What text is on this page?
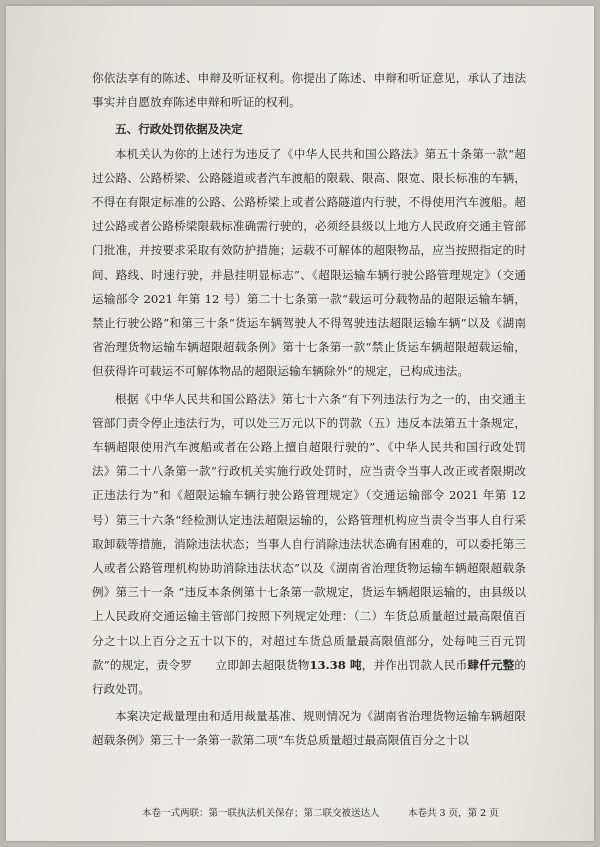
你依法享有的陈述、申辩及听证权利。你提出了陈述、申辩和听证意见，承认了违法事实并自愿放弃陈述申辩和听证的权利。

五、行政处罚依据及决定

本机关认为你的上述行为违反了《中华人民共和国公路法》第五十条第一款“超过公路、公路桥梁、公路隧道或者汽车渡船的限载、限高、限宽、限长标准的车辆，不得在有限定标准的公路、公路桥梁上或者公路隧道内行驶，不得使用汽车渡船。超过公路或者公路桥梁限载标准确需行驶的，必须经县级以上地方人民政府交通主管部门批准，并按要求采取有效防护措施；运载不可解体的超限物品，应当按照指定的时间、路线、时速行驶，并悬挂明显标志”、《超限运输车辆行驶公路管理规定》（交通运输部令 2021 年第 12 号）第二十七条第一款“载运可分载物品的超限运输车辆，禁止行驶公路”和第三十条“货运车辆驾驶人不得驾驶违法超限运输车辆”以及《湖南省治理货物运输车辆超限超载条例》第十七条第一款“禁止货运车辆超限超载运输，但获得许可载运不可解体物品的超限运输车辆除外”的规定，已构成违法。

根据《中华人民共和国公路法》第七十六条“有下列违法行为之一的，由交通主管部门责令停止违法行为，可以处三万元以下的罚款（五）违反本法第五十条规定，车辆超限使用汽车渡船或者在公路上擅自超限行驶的”、《中华人民共和国行政处罚法》第二十八条第一款“行政机关实施行政处罚时，应当责令当事人改正或者限期改正违法行为”和《超限运输车辆行驶公路管理规定》（交通运输部令 2021 年第 12 号）第三十六条“经检测认定违法超限运输的，公路管理机构应当责令当事人自行采取卸载等措施，消除违法状态；当事人自行消除违法状态确有困难的，可以委托第三人或者公路管理机构协助消除违法状态”以及《湖南省治理货物运输车辆超限超载条例》第三十一条 “违反本条例第十七条第一款规定，货运车辆超限运输的，由县级以上人民政府交通运输主管部门按照下列规定处理：（二）车货总质量超过最高限值百分之十以上百分之五十以下的，对超过车货总质量最高限值部分，处每吨三百元罚款”的规定，责令罗　　 立即卸去超限货物13.38 吨，并作出罚款人民币肆仟元整的行政处罚。

本案决定裁量理由和适用裁量基准、规则情况为《湖南省治理货物运输车辆超限超载条例》第三十一条第一款第二项“车货总质量超过最高限值百分之十以

本卷一式两联：第一联执法机关保存；第二联交被送达人	本卷共 3 页，第 2 页
